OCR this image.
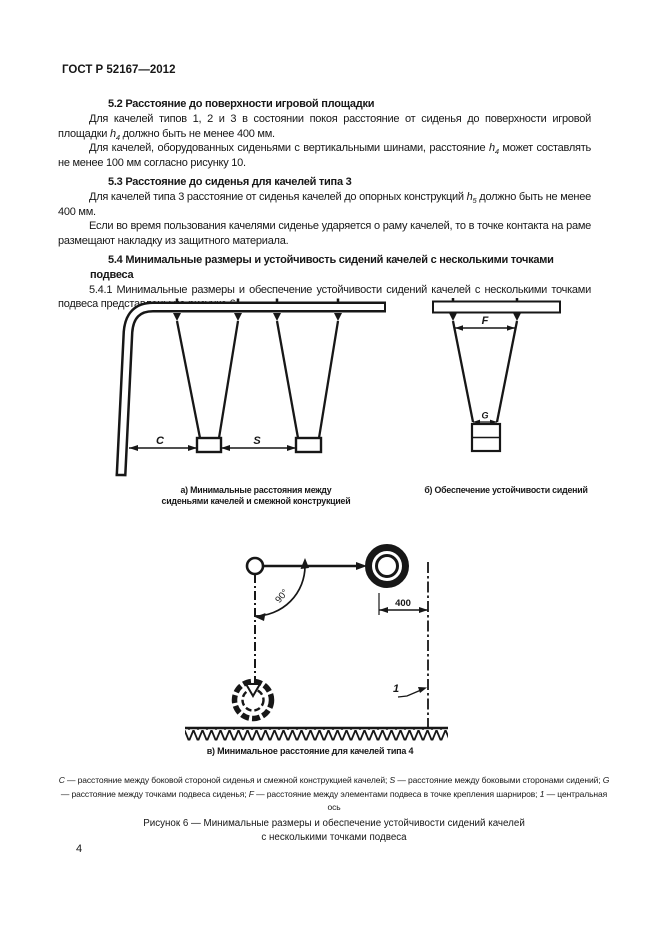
ГОСТ Р 52167—2012

5.2 Расстояние до поверхности игровой площадки

Для качелей типов 1, 2 и 3 в состоянии покоя расстояние от сиденья до поверхности игровой площадки $h_4$ должно быть не менее 400 мм.

Для качелей, оборудованных сиденьями с вертикальными шинами, расстояние $h_4$ может составлять не менее 100 мм согласно рисунку 10.

5.3 Расстояние до сиденья для качелей типа 3

Для качелей типа 3 расстояние от сиденья качелей до опорных конструкций $h_5$ должно быть не менее 400 мм.

Если во время пользования качелями сиденье ударяется о раму качелей, то в точке контакта на раме размещают накладку из защитного материала.

5.4 Минимальные размеры и устойчивость сидений качелей с несколькими точками подвеса

5.4.1 Минимальные размеры и обеспечение устойчивости сидений качелей с несколькими точками подвеса представлены на рисунке 6.

C	S
F
G
а) Минимальные расстояния между
сиденьями качелей и смежной конструкцией
б) Обеспечение устойчивости сидений
90°	400
1
в) Минимальное расстояние для качелей типа 4
C — расстояние между боковой стороной сиденья и смежной конструкцией качелей; S — расстояние между боковыми сторонами сидений; G — расстояние между точками подвеса сиденья; F — расстояние между элементами подвеса в точке крепления шарниров; 1 — центральная ось
Рисунок 6 — Минимальные размеры и обеспечение устойчивости сидений качелей
с несколькими точками подвеса
4
